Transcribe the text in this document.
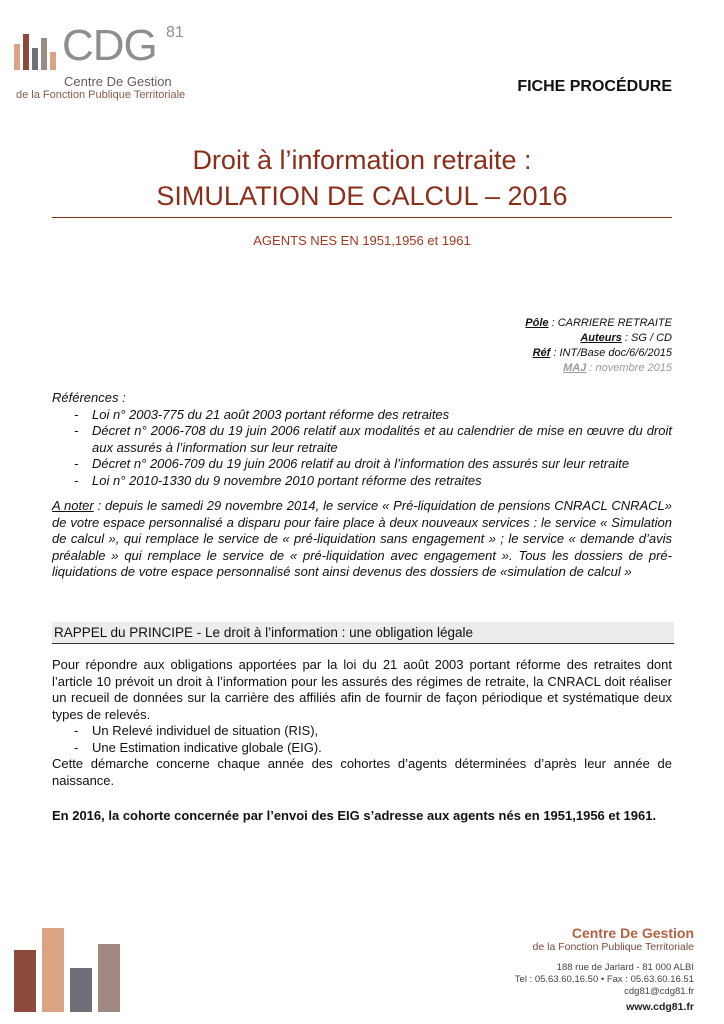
CDG 81
Centre De Gestion
de la Fonction Publique Territoriale	FICHE PROCÉDURE
Droit à l’information retraite :
SIMULATION DE CALCUL – 2016
AGENTS NES EN 1951,1956 et 1961
Pôle : CARRIERE RETRAITE
Auteurs : SG / CD
Réf : INT/Base doc/6/6/2015
MAJ : novembre 2015
Références :
- Loi n° 2003-775 du 21 août 2003 portant réforme des retraites
- Décret n° 2006-708 du 19 juin 2006 relatif aux modalités et au calendrier de mise en œuvre du droit aux assurés à l’information sur leur retraite
- Décret n° 2006-709 du 19 juin 2006 relatif au droit à l’information des assurés sur leur retraite
- Loi n° 2010-1330 du 9 novembre 2010 portant réforme des retraites
A noter : depuis le samedi 29 novembre 2014, le service « Pré-liquidation de pensions CNRACL CNRACL» de votre espace personnalisé a disparu pour faire place à deux nouveaux services : le service « Simulation de calcul », qui remplace le service de « pré-liquidation sans engagement » ; le service « demande d’avis préalable » qui remplace le service de « pré-liquidation avec engagement ». Tous les dossiers de pré-liquidations de votre espace personnalisé sont ainsi devenus des dossiers de «simulation de calcul »
RAPPEL du PRINCIPE - Le droit à l’information : une obligation légale
Pour répondre aux obligations apportées par la loi du 21 août 2003 portant réforme des retraites dont l’article 10 prévoit un droit à l’information pour les assurés des régimes de retraite, la CNRACL doit réaliser un recueil de données sur la carrière des affiliés afin de fournir de façon périodique et systématique deux types de relevés.
- Un Relevé individuel de situation (RIS),
- Une Estimation indicative globale (EIG).
Cette démarche concerne chaque année des cohortes d’agents déterminées d’après leur année de naissance.
En 2016, la cohorte concernée par l’envoi des EIG s’adresse aux agents nés en 1951,1956 et 1961.
Centre De Gestion
de la Fonction Publique Territoriale
188 rue de Jarlard - 81 000 ALBI
Tel : 05.63.60.16.50 • Fax : 05.63.60.16.51
cdg81@cdg81.fr
www.cdg81.fr
